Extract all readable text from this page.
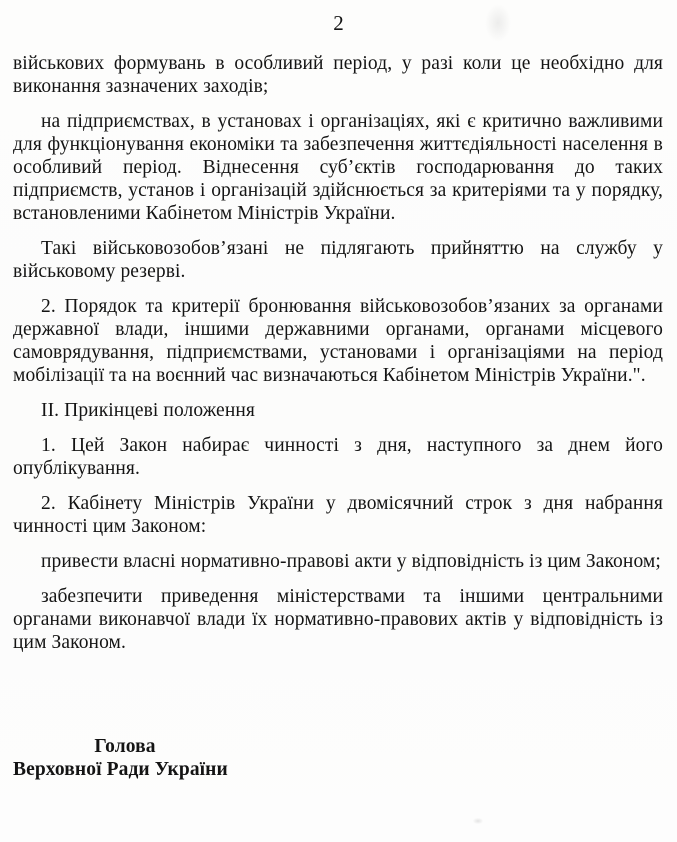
2

військових формувань в особливий період, у разі коли це необхідно для виконання зазначених заходів;

на підприємствах, в установах і організаціях, які є критично важливими для функціонування економіки та забезпечення життєдіяльності населення в особливий період. Віднесення суб’єктів господарювання до таких підприємств, установ і організацій здійснюється за критеріями та у порядку, встановленими Кабінетом Міністрів України.

Такі військовозобов’язані не підлягають прийняттю на службу у військовому резерві.

2. Порядок та критерії бронювання військовозобов’язаних за органами державної влади, іншими державними органами, органами місцевого самоврядування, підприємствами, установами і організаціями на період мобілізації та на воєнний час визначаються Кабінетом Міністрів України.".

ІІ. Прикінцеві положення

1. Цей Закон набирає чинності з дня, наступного за днем його опублікування.

2. Кабінету Міністрів України у двомісячний строк з дня набрання чинності цим Законом:

привести власні нормативно-правові акти у відповідність із цим Законом;

забезпечити приведення міністерствами та іншими центральними органами виконавчої влади їх нормативно-правових актів у відповідність із цим Законом.

Голова
Верховної Ради України
